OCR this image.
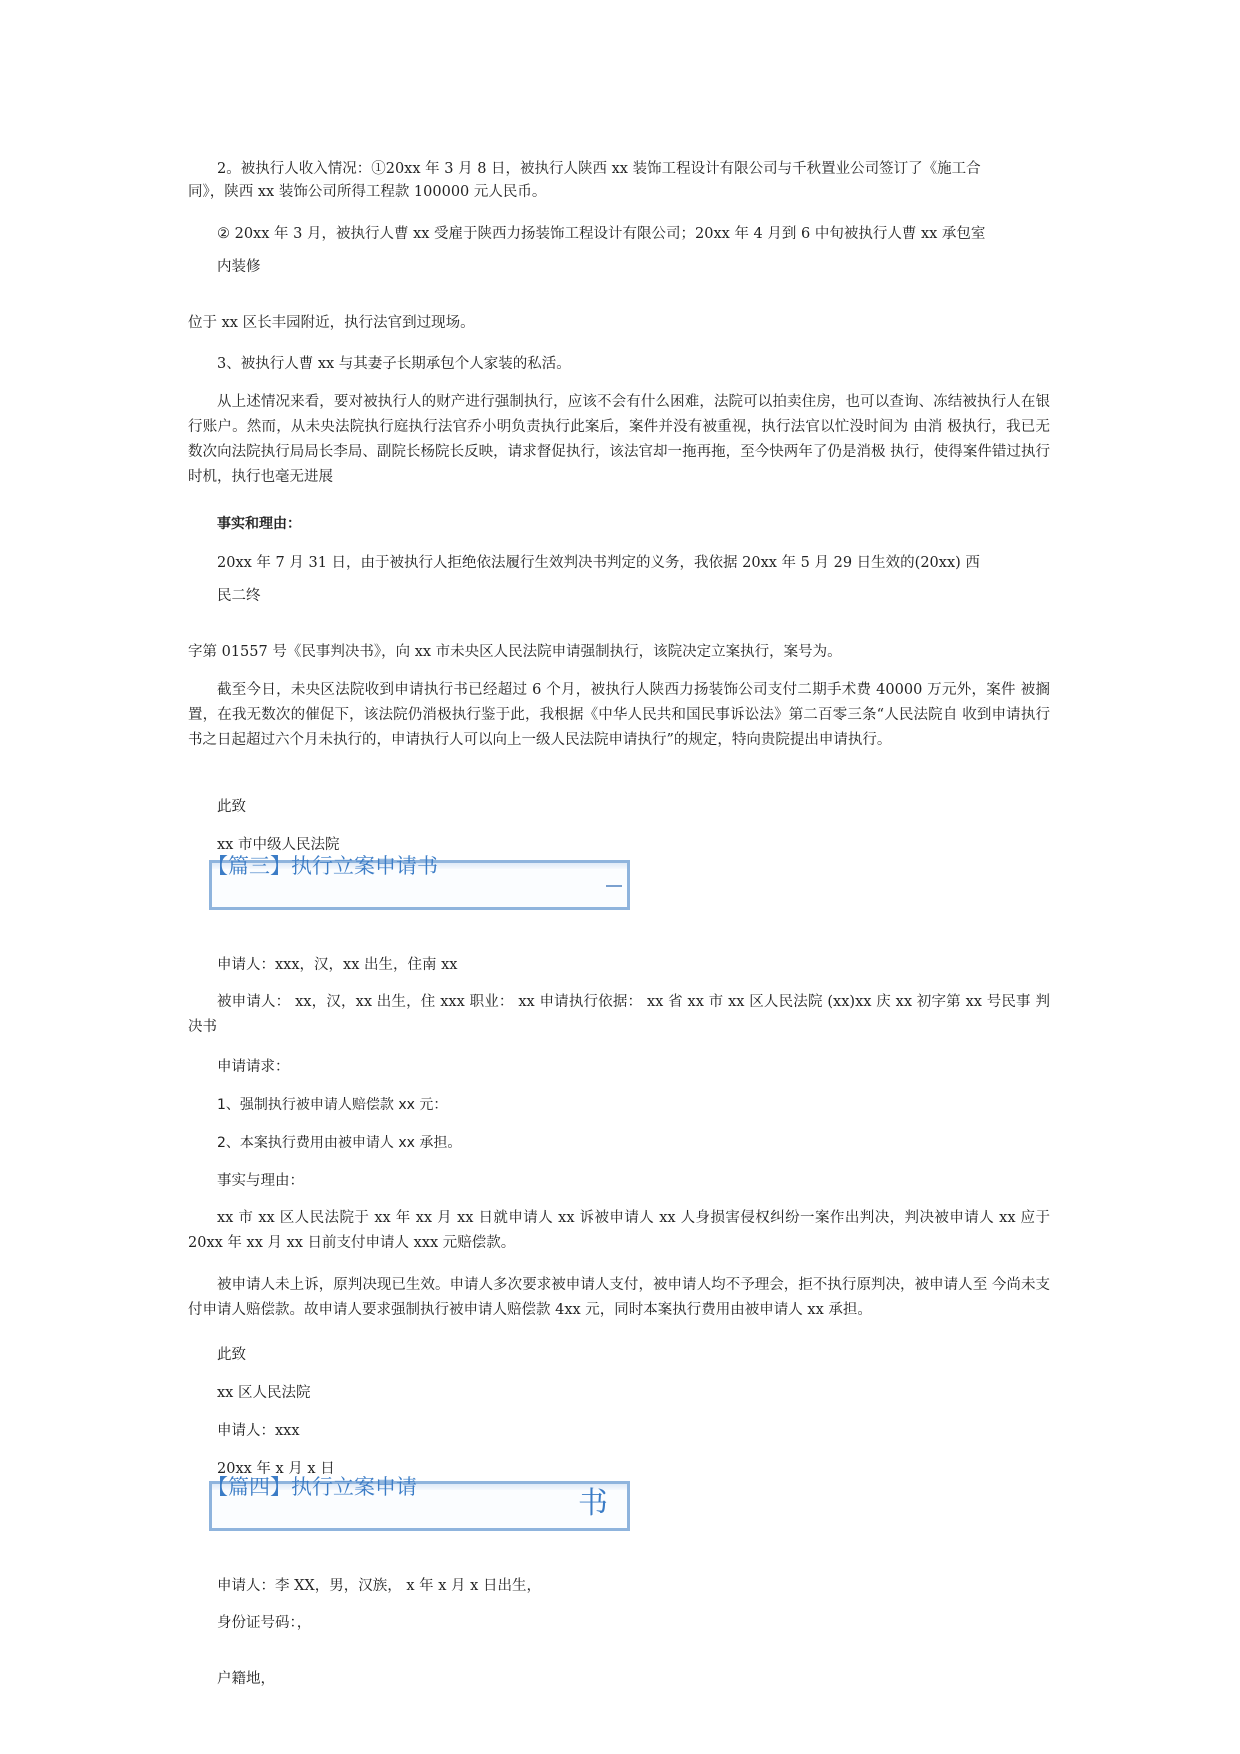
2。被执行人收入情况：①20xx 年 3 月 8 日，被执行人陕西 xx 装饰工程设计有限公司与千秋置业公司签订了《施工合
同》，陕西 xx 装饰公司所得工程款 100000 元人民币。
② 20xx 年 3 月，被执行人曹 xx 受雇于陕西力扬装饰工程设计有限公司；20xx 年 4 月到 6 中旬被执行人曹 xx 承包室
内装修
位于 xx 区长丰园附近，执行法官到过现场。
3、被执行人曹 xx 与其妻子长期承包个人家装的私活。
从上述情况来看，要对被执行人的财产进行强制执行，应该不会有什么困难，法院可以拍卖住房，也可以查询、冻结被执行人在银行账户。然而，从未央法院执行庭执行法官乔小明负责执行此案后，案件并没有被重视，执行法官以忙没时间为 由消 极执行，我已无数次向法院执行局局长李局、副院长杨院长反映，请求督促执行，该法官却一拖再拖，至今快两年了仍是消极 执行，使得案件错过执行时机，执行也毫无进展
事实和理由：
20xx 年 7 月 31 日，由于被执行人拒绝依法履行生效判决书判定的义务，我依据 20xx 年 5 月 29 日生效的(20xx) 西
民二终
字第 01557 号《民事判决书》，向 xx 市未央区人民法院申请强制执行，该院决定立案执行，案号为。
截至今日，未央区法院收到申请执行书已经超过 6 个月，被执行人陕西力扬装饰公司支付二期手术费 40000 万元外，案件 被搁置，在我无数次的催促下，该法院仍消极执行鉴于此，我根据《中华人民共和国民事诉讼法》第二百零三条“人民法院自 收到申请执行书之日起超过六个月未执行的，申请执行人可以向上一级人民法院申请执行”的规定，特向贵院提出申请执行。
此致
xx 市中级人民法院
【篇三】执行立案申请书
申请人：xxx，汉，xx 出生，住南 xx
被申请人： xx，汉，xx 出生，住 xxx 职业： xx 申请执行依据： xx 省 xx 市 xx 区人民法院 (xx)xx 庆 xx 初字第 xx 号民事 判决书
申请请求：
1、强制执行被申请人赔偿款 xx 元：
2、本案执行费用由被申请人 xx 承担。
事实与理由：
xx 市 xx 区人民法院于 xx 年 xx 月 xx 日就申请人 xx 诉被申请人 xx 人身损害侵权纠纷一案作出判决，判决被申请人 xx 应于 20xx 年 xx 月 xx 日前支付申请人 xxx 元赔偿款。
被申请人未上诉，原判决现已生效。申请人多次要求被申请人支付，被申请人均不予理会，拒不执行原判决，被申请人至 今尚未支付申请人赔偿款。故申请人要求强制执行被申请人赔偿款 4xx 元，同时本案执行费用由被申请人 xx 承担。
此致
xx 区人民法院
申请人：xxx
20xx 年 x 月 x 日
【篇四】执行立案申请	书
申请人：李 XX，男，汉族， x 年 x 月 x 日出生，
身份证号码：，
户籍地，
